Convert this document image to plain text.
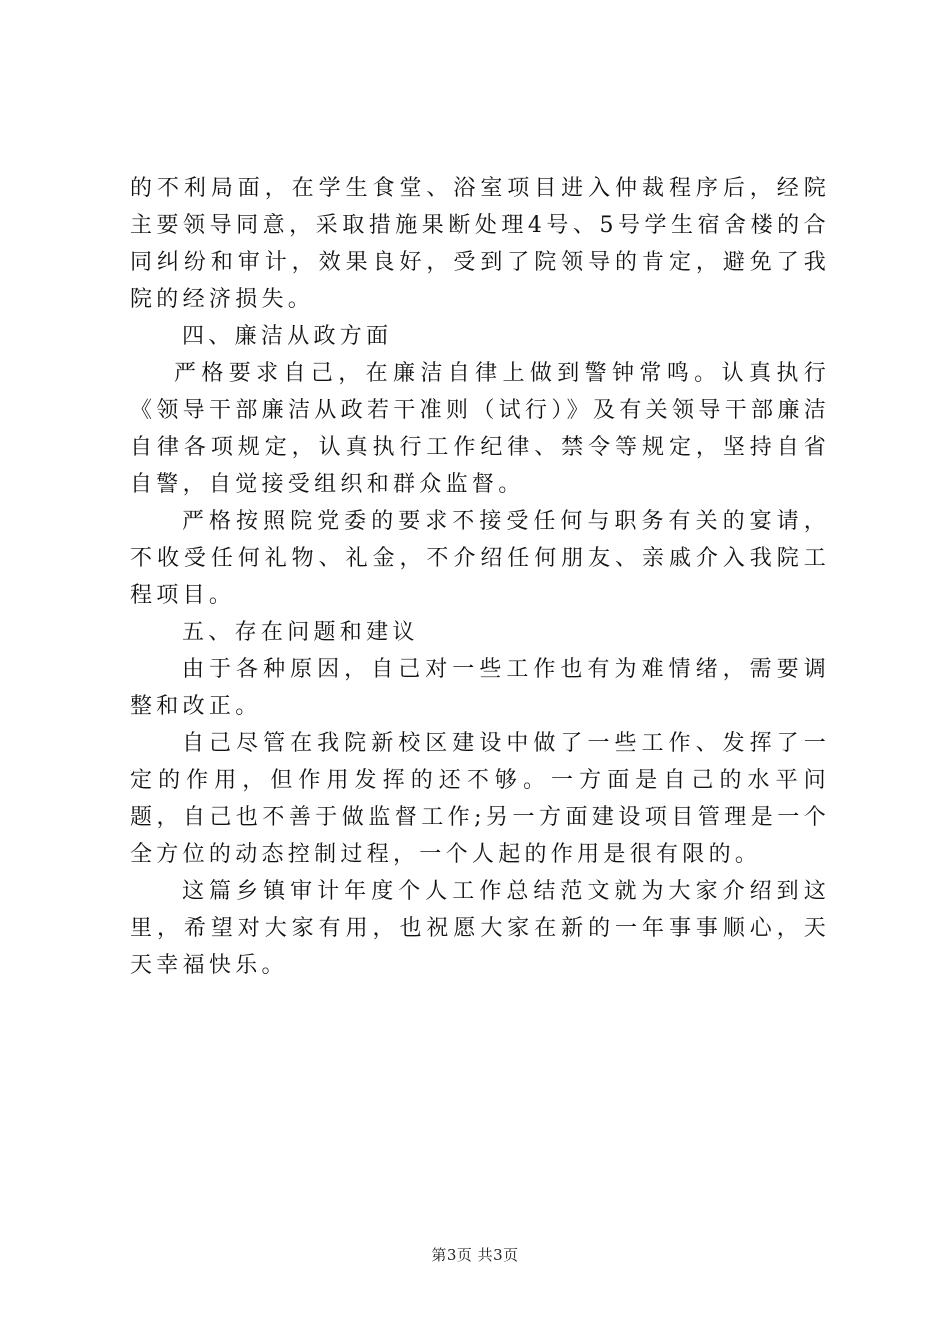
的不利局面，在学生食堂、浴室项目进入仲裁程序后，经院主要领导同意，采取措施果断处理4号、5号学生宿舍楼的合同纠纷和审计，效果良好，受到了院领导的肯定，避免了我院的经济损失。

四、廉洁从政方面

严格要求自己，在廉洁自律上做到警钟常鸣。认真执行《领导干部廉洁从政若干准则（试行）》及有关领导干部廉洁自律各项规定，认真执行工作纪律、禁令等规定，坚持自省自警，自觉接受组织和群众监督。

严格按照院党委的要求不接受任何与职务有关的宴请，不收受任何礼物、礼金，不介绍任何朋友、亲戚介入我院工程项目。

五、存在问题和建议

由于各种原因，自己对一些工作也有为难情绪，需要调整和改正。

自己尽管在我院新校区建设中做了一些工作、发挥了一定的作用，但作用发挥的还不够。一方面是自己的水平问题，自己也不善于做监督工作;另一方面建设项目管理是一个全方位的动态控制过程，一个人起的作用是很有限的。

这篇乡镇审计年度个人工作总结范文就为大家介绍到这里，希望对大家有用，也祝愿大家在新的一年事事顺心，天天幸福快乐。

第3页 共3页
